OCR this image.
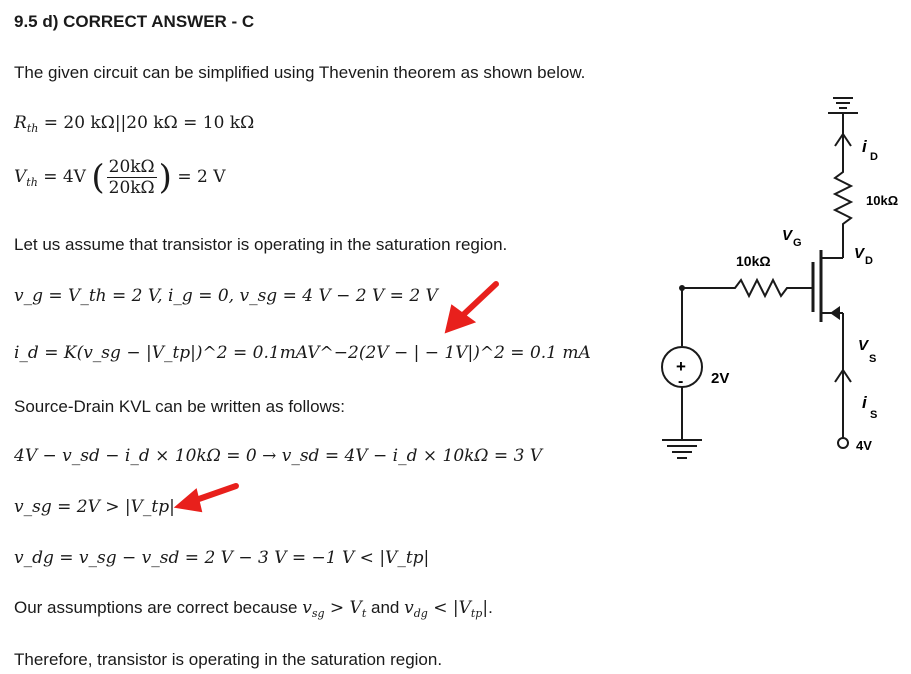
9.5 d) CORRECT ANSWER - C
The given circuit can be simplified using Thevenin theorem as shown below.
$R_{th} = 20$ kΩ||20 kΩ = 10 kΩ
$V_{th} = 4V$ ( $\frac{20k\Omega}{20k\Omega}$ ) = 2 V
Let us assume that transistor is operating in the saturation region.
v_g = V_th = 2 V, i_g = 0, v_sg = 4 V − 2 V = 2 V
i_d = K(v_sg − |V_tp|)^2 = 0.1mAV^−2(2V − | − 1V|)^2 = 0.1 mA
Source-Drain KVL can be written as follows:
4V − v_sd − i_d × 10kΩ = 0 → v_sd = 4V − i_d × 10kΩ = 3 V
v_sg = 2V > |V_tp|
v_dg = v_sg − v_sd = 2 V − 3 V = −1 V < |V_tp|
Our assumptions are correct because $v_{sg} > V_t$ and $v_{dg} < |V_{tp}|$.
Therefore, transistor is operating in the saturation region.
+
- 2V
10kΩ
10kΩ
4V
V G
V D
V
S
i
D
i
S
